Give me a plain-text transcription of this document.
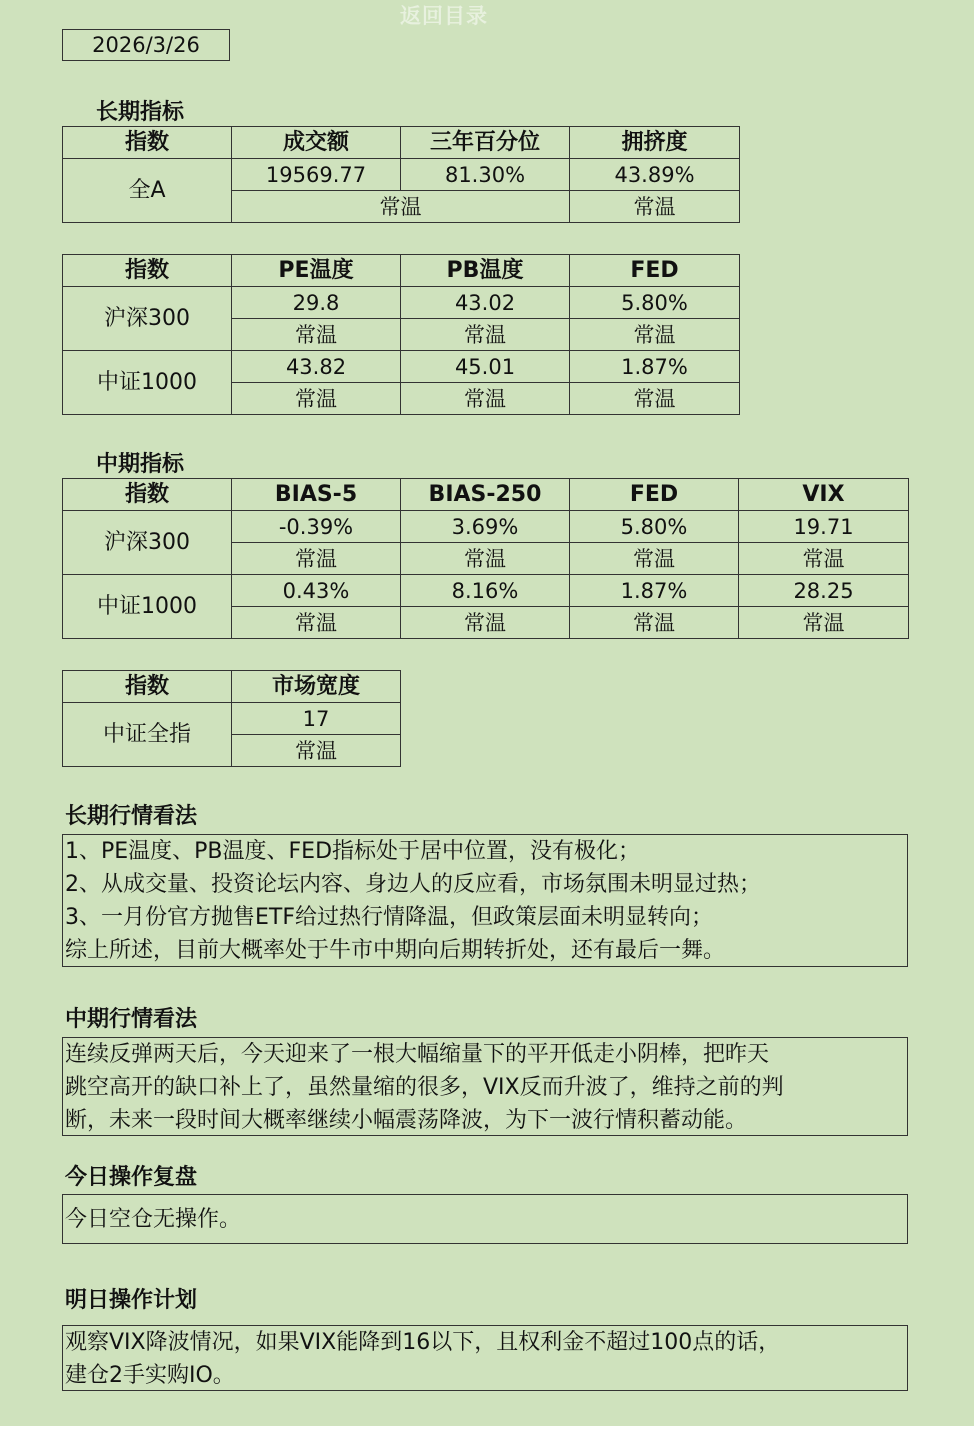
返回目录
2026/3/26
长期指标
指数	成交额	三年百分位	拥挤度
全A	19569.77	81.30%	43.89%
	常温		常温
指数	PE温度	PB温度	FED
沪深300	29.8	43.02	5.80%
	常温	常温	常温
中证1000	43.82	45.01	1.87%
	常温	常温	常温
中期指标
指数	BIAS-5	BIAS-250	FED	VIX
沪深300	-0.39%	3.69%	5.80%	19.71
	常温	常温	常温	常温
中证1000	0.43%	8.16%	1.87%	28.25
	常温	常温	常温	常温
指数	市场宽度
中证全指	17
	常温
长期行情看法
1、PE温度、PB温度、FED指标处于居中位置，没有极化；
2、从成交量、投资论坛内容、身边人的反应看，市场氛围未明显过热；
3、一月份官方抛售ETF给过热行情降温，但政策层面未明显转向；
综上所述，目前大概率处于牛市中期向后期转折处，还有最后一舞。
中期行情看法
连续反弹两天后，今天迎来了一根大幅缩量下的平开低走小阴棒，把昨天
跳空高开的缺口补上了，虽然量缩的很多，VIX反而升波了，维持之前的判
断，未来一段时间大概率继续小幅震荡降波，为下一波行情积蓄动能。
今日操作复盘
今日空仓无操作。
明日操作计划
观察VIX降波情况，如果VIX能降到16以下，且权利金不超过100点的话，
建仓2手实购IO。
